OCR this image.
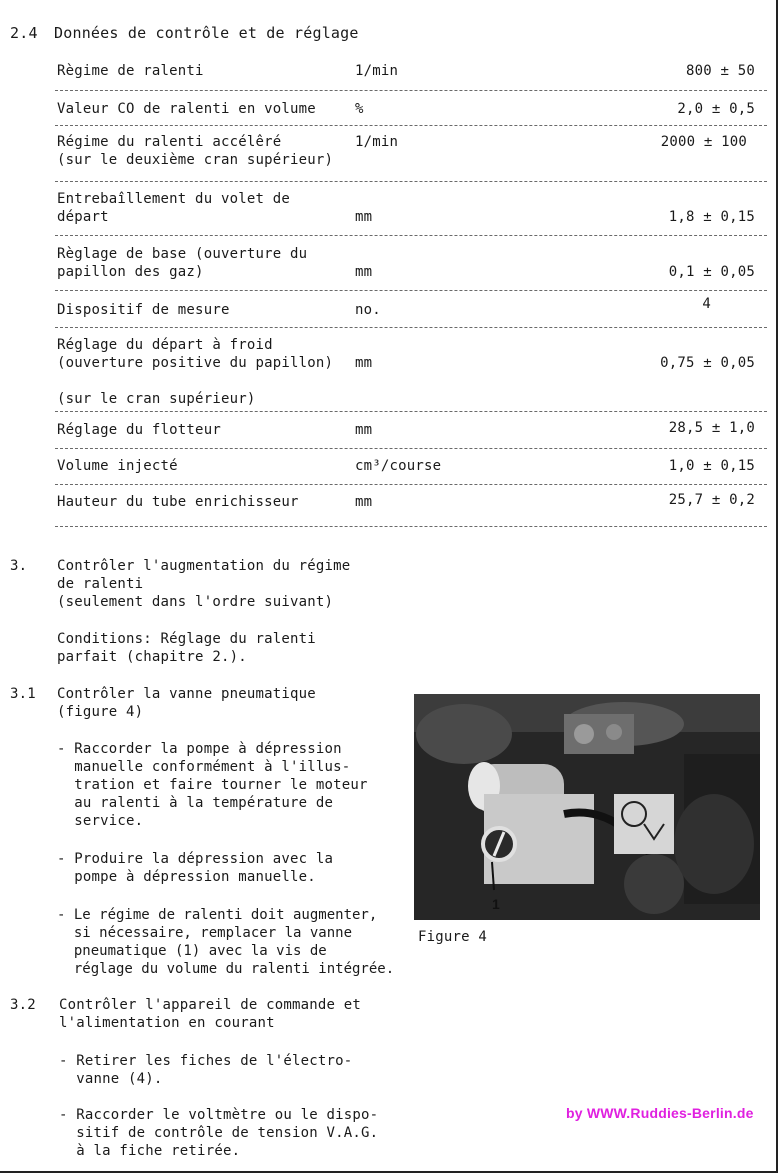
2.4 Données de contrôle et de réglage
Règime de ralenti	1/min	800 ± 50
Valeur CO de ralenti en volume	%	2,0 ± 0,5
Régime du ralenti accélêré
(sur le deuxième cran supérieur)
1/min	2000 ± 100
Entrebaîllement du volet de
départ	mm	1,8 ± 0,15
Règlage de base (ouverture du
papillon des gaz)	mm	0,1 ± 0,05
Dispositif de mesure	no.	4
Réglage du départ à froid
(ouverture positive du papillon)

(sur le cran supérieur)
mm	0,75 ± 0,05
Réglage du flotteur	mm	28,5 ± 1,0
Volume injecté	cm³/course	1,0 ± 0,15
Hauteur du tube enrichisseur	mm	25,7 ± 0,2
3. Contrôler l'augmentation du régime
de ralenti
(seulement dans l'ordre suivant)
Conditions: Réglage du ralenti
parfait (chapitre 2.).
3.1 Contrôler la vanne pneumatique
(figure 4)
- Raccorder la pompe à dépression
manuelle conformément à l'illus-
tration et faire tourner le moteur
au ralenti à la température de
service.
- Produire la dépression avec la
pompe à dépression manuelle.
- Le régime de ralenti doit augmenter,
si nécessaire, remplacer la vanne
pneumatique (1) avec la vis de
réglage du volume du ralenti intégrée.
1
Figure 4
3.2 Contrôler l'appareil de commande et
l'alimentation en courant
- Retirer les fiches de l'électro-
vanne (4).
- Raccorder le voltmètre ou le dispo-
sitif de contrôle de tension V.A.G.
à la fiche retirée.
by WWW.Ruddies-Berlin.de
